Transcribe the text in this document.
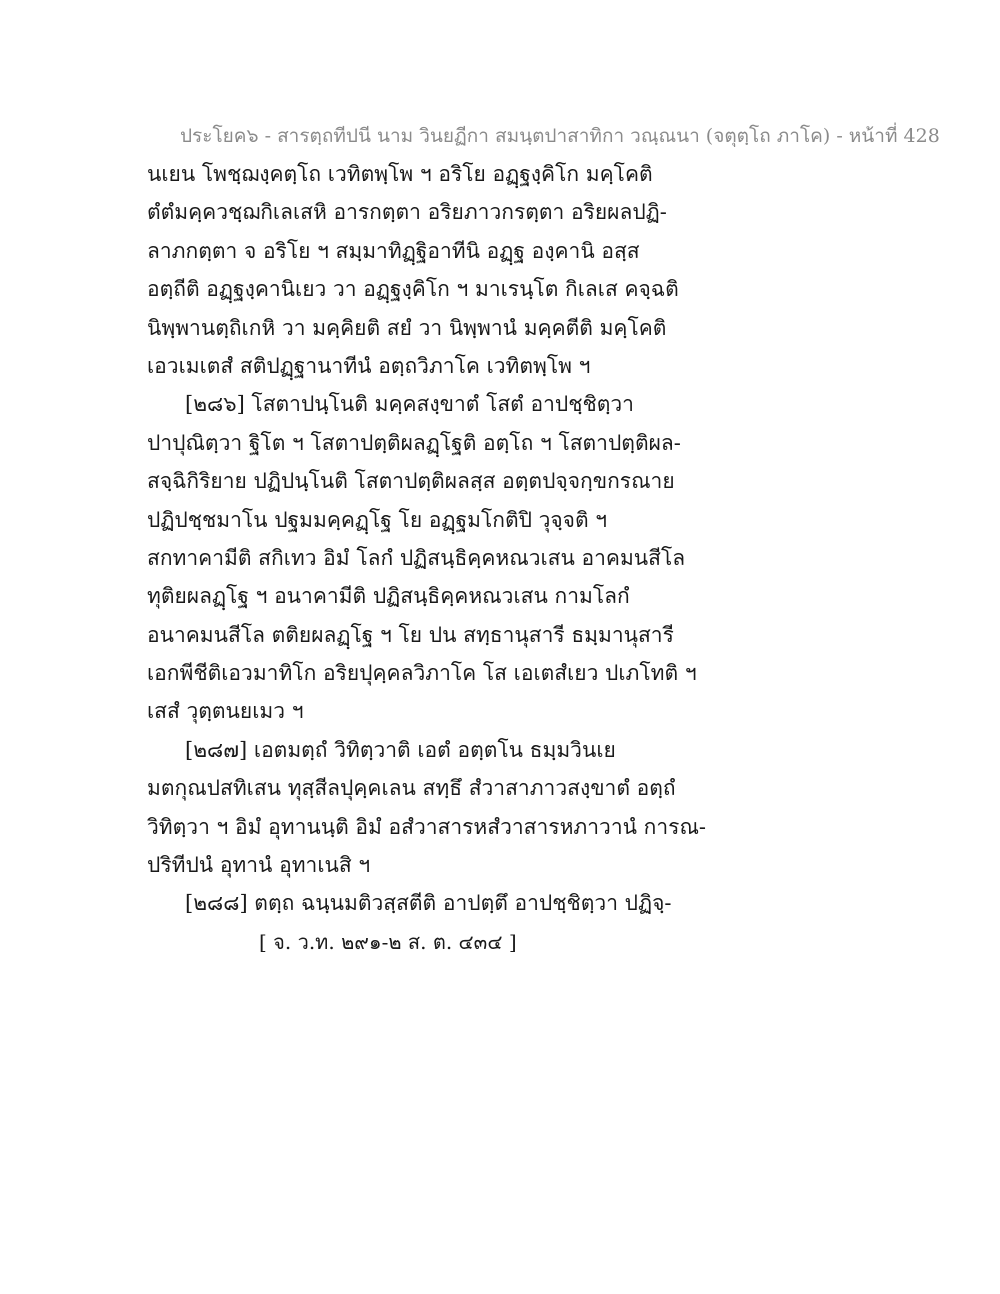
ประโยค๖ - สารตฺถทีปนี นาม วินยฏีกา สมนฺตปาสาทิกา วณฺณนา (จตุตฺโถ ภาโค) - หน้าที่ 428
นเยน โพชฺฌงฺคตฺโถ เวทิตพฺโพ ฯ อริโย อฏฺฐงฺคิโก มคฺโคติ
ตํตํมคฺควชฺฌกิเลเสหิ อารกตฺตา อริยภาวกรตฺตา อริยผลปฏิ-
ลาภกตฺตา จ อริโย ฯ สมฺมาทิฏฺฐิอาทีนิ อฏฺฐ องฺคานิ อสฺส
อตฺถีติ อฏฺฐงฺคานิเยว วา อฏฺฐงฺคิโก ฯ มาเรนฺโต กิเลเส คจฺฉติ
นิพฺพานตฺถิเกหิ วา มคฺคิยติ สยํ วา นิพฺพานํ มคฺคตีติ มคฺโคติ
เอวเมเตสํ สติปฏฺฐานาทีนํ อตฺถวิภาโค เวทิตพฺโพ ฯ
[๒๘๖] โสตาปนฺโนติ มคฺคสงฺขาตํ โสตํ อาปชฺชิตฺวา
ปาปุณิตฺวา ฐิโต ฯ โสตาปตฺติผลฏฺโฐติ อตฺโถ ฯ โสตาปตฺติผล-
สจฺฉิกิริยาย ปฏิปนฺโนติ โสตาปตฺติผลสฺส อตฺตปจฺจกฺขกรณาย
ปฏิปชฺชมาโน ปฐมมคฺคฏฺโฐ โย อฏฺฐมโกติปิ วุจฺจติ ฯ
สกทาคามีติ สกิเทว อิมํ โลกํ ปฏิสนฺธิคฺคหณวเสน อาคมนสีโล
ทุติยผลฏฺโฐ ฯ อนาคามีติ ปฏิสนฺธิคฺคหณวเสน กามโลกํ
อนาคมนสีโล ตติยผลฏฺโฐ ฯ โย ปน สทฺธานุสารี ธมฺมานุสารี
เอกพีชีติเอวมาทิโก อริยปุคฺคลวิภาโค โส เอเตสํเยว ปเภโทติ ฯ
เสสํ วุตฺตนยเมว ฯ
[๒๘๗] เอตมตฺถํ วิทิตฺวาติ เอตํ อตฺตโน ธมฺมวินเย
มตกุณปสทิเสน ทุสฺสีลปุคฺคเลน สทฺธึ สํวาสาภาวสงฺขาตํ อตฺถํ
วิทิตฺวา ฯ อิมํ อุทานนฺติ อิมํ อสํวาสารหสํวาสารหภาวานํ การณ-
ปริทีปนํ อุทานํ อุทาเนสิ ฯ
[๒๘๘] ตตฺถ ฉนฺนมติวสฺสตีติ อาปตฺตึ อาปชฺชิตฺวา ปฏิจฺ-
[ จ. ว.ท. ๒๙๑-๒ ส. ต. ๔๓๔ ]
